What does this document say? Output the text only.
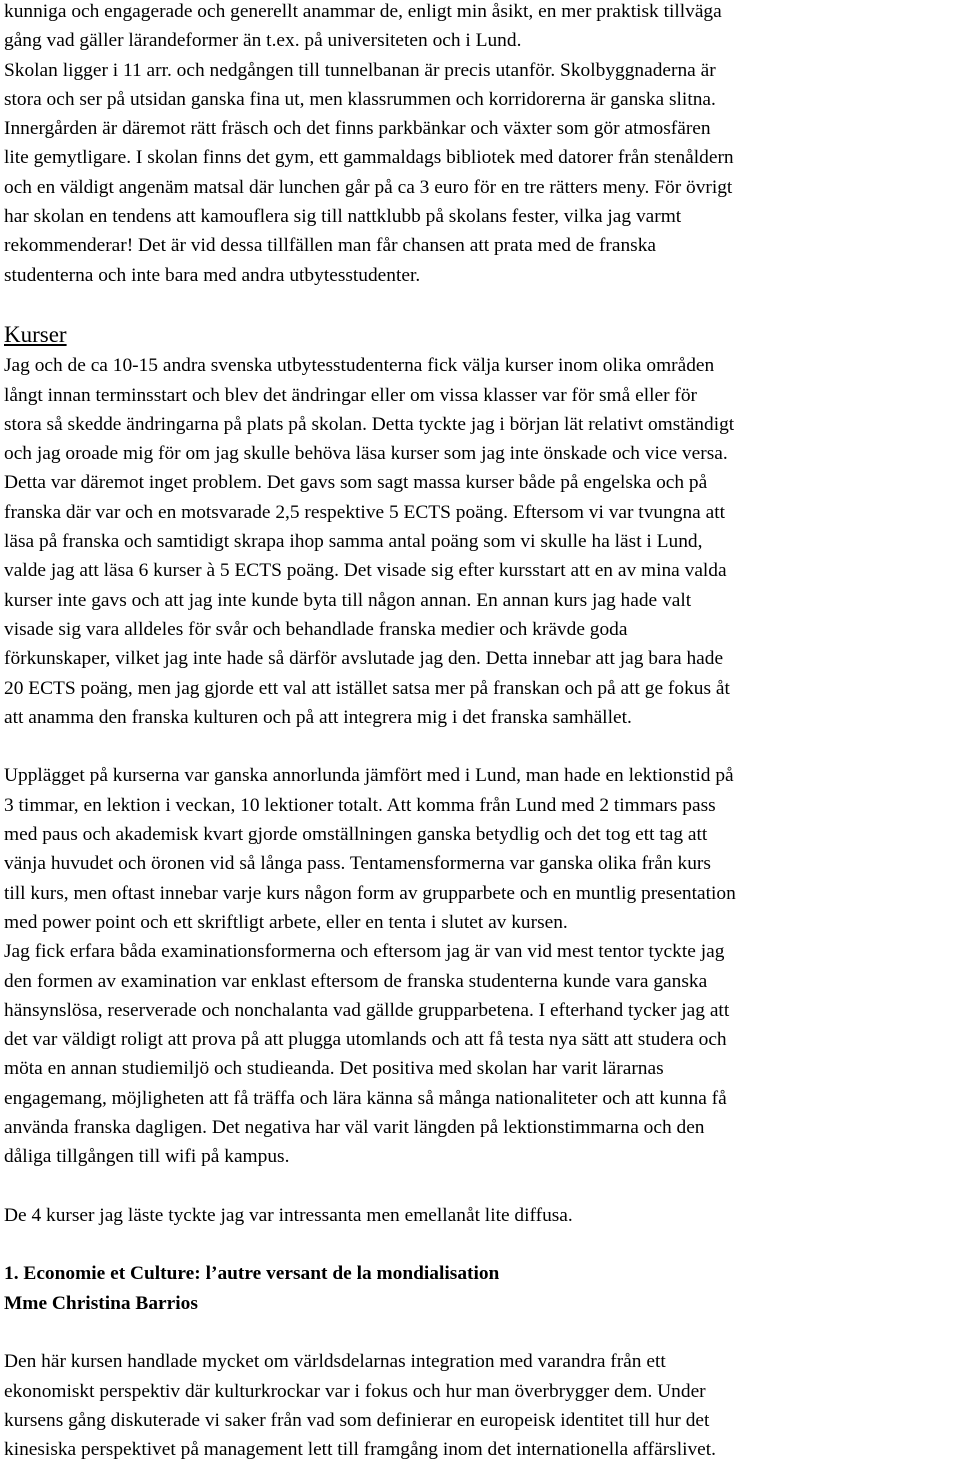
kunniga och engagerade och generellt anammar de, enligt min åsikt, en mer praktisk tillväga
gång vad gäller lärandeformer än t.ex. på universiteten och i Lund.
Skolan ligger i 11 arr. och nedgången till tunnelbanan är precis utanför. Skolbyggnaderna är
stora och ser på utsidan ganska fina ut, men klassrummen och korridorerna är ganska slitna.
Innergården är däremot rätt fräsch och det finns parkbänkar och växter som gör atmosfären
lite gemytligare. I skolan finns det gym, ett gammaldags bibliotek med datorer från stenåldern
och en väldigt angenäm matsal där lunchen går på ca 3 euro för en tre rätters meny. För övrigt
har skolan en tendens att kamouflera sig till nattklubb på skolans fester, vilka jag varmt
rekommenderar! Det är vid dessa tillfällen man får chansen att prata med de franska
studenterna och inte bara med andra utbytesstudenter.

Kurser

Jag och de ca 10-15 andra svenska utbytesstudenterna fick välja kurser inom olika områden
långt innan terminsstart och blev det ändringar eller om vissa klasser var för små eller för
stora så skedde ändringarna på plats på skolan. Detta tyckte jag i början lät relativt omständigt
och jag oroade mig för om jag skulle behöva läsa kurser som jag inte önskade och vice versa.
Detta var däremot inget problem. Det gavs som sagt massa kurser både på engelska och på
franska där var och en motsvarade 2,5 respektive 5 ECTS poäng. Eftersom vi var tvungna att
läsa på franska och samtidigt skrapa ihop samma antal poäng som vi skulle ha läst i Lund,
valde jag att läsa 6 kurser à 5 ECTS poäng. Det visade sig efter kursstart att en av mina valda
kurser inte gavs och att jag inte kunde byta till någon annan. En annan kurs jag hade valt
visade sig vara alldeles för svår och behandlade franska medier och krävde goda
förkunskaper, vilket jag inte hade så därför avslutade jag den. Detta innebar att jag bara hade
20 ECTS poäng, men jag gjorde ett val att istället satsa mer på franskan och på att ge fokus åt
att anamma den franska kulturen och på att integrera mig i det franska samhället.

Upplägget på kurserna var ganska annorlunda jämfört med i Lund, man hade en lektionstid på
3 timmar, en lektion i veckan, 10 lektioner totalt. Att komma från Lund med 2 timmars pass
med paus och akademisk kvart gjorde omställningen ganska betydlig och det tog ett tag att
vänja huvudet och öronen vid så långa pass. Tentamensformerna var ganska olika från kurs
till kurs, men oftast innebar varje kurs någon form av grupparbete och en muntlig presentation
med power point och ett skriftligt arbete, eller en tenta i slutet av kursen.
Jag fick erfara båda examinationsformerna och eftersom jag är van vid mest tentor tyckte jag
den formen av examination var enklast eftersom de franska studenterna kunde vara ganska
hänsynslösa, reserverade och nonchalanta vad gällde grupparbetena. I efterhand tycker jag att
det var väldigt roligt att prova på att plugga utomlands och att få testa nya sätt att studera och
möta en annan studiemiljö och studieanda. Det positiva med skolan har varit lärarnas
engagemang, möjligheten att få träffa och lära känna så många nationaliteter och att kunna få
använda franska dagligen. Det negativa har väl varit längden på lektionstimmarna och den
dåliga tillgången till wifi på kampus.

De 4 kurser jag läste tyckte jag var intressanta men emellanåt lite diffusa.

1. Economie et Culture: l’autre versant de la mondialisation

Mme Christina Barrios

Den här kursen handlade mycket om världsdelarnas integration med varandra från ett
ekonomiskt perspektiv där kulturkrockar var i fokus och hur man överbrygger dem. Under
kursens gång diskuterade vi saker från vad som definierar en europeisk identitet till hur det
kinesiska perspektivet på management lett till framgång inom det internationella affärslivet.
